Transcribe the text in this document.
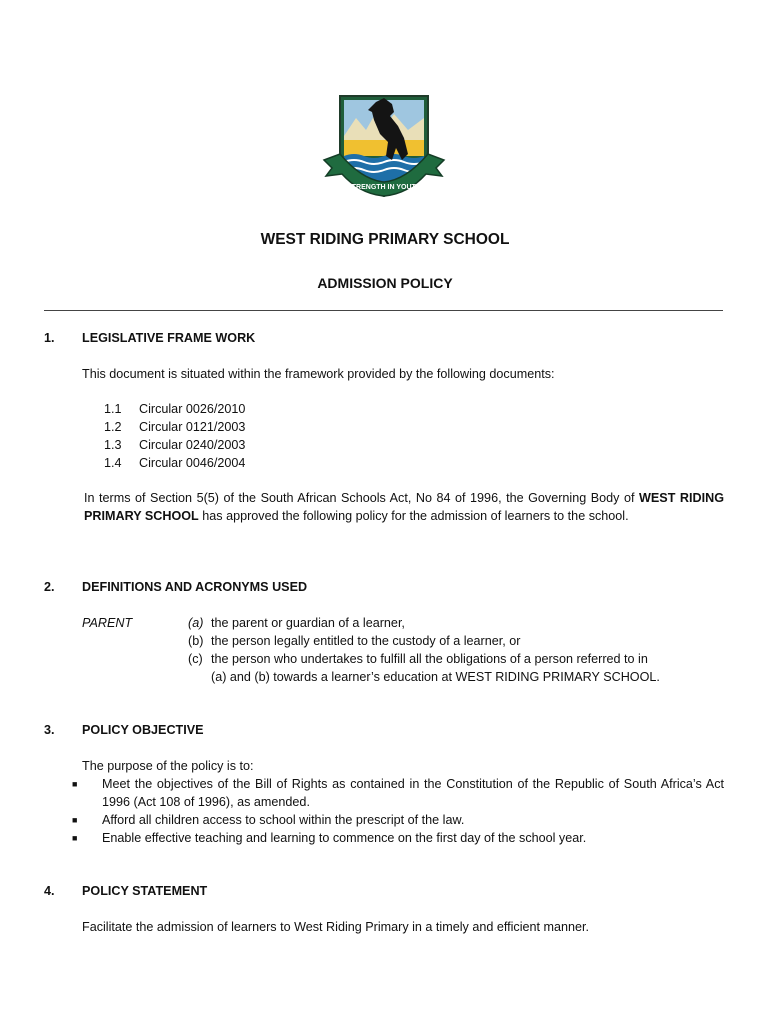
STRENGTH IN YOUTH
WEST RIDING PRIMARY SCHOOL
ADMISSION POLICY
1. LEGISLATIVE FRAME WORK
This document is situated within the framework provided by the following documents:
1.1 Circular 0026/2010
1.2 Circular 0121/2003
1.3 Circular 0240/2003
1.4 Circular 0046/2004
In terms of Section 5(5) of the South African Schools Act, No 84 of 1996, the Governing Body of WEST RIDING PRIMARY SCHOOL has approved the following policy for the admission of learners to the school.
2. DEFINITIONS AND ACRONYMS USED
PARENT	(a) the parent or guardian of a learner,
(b) the person legally entitled to the custody of a learner, or
(c) the person who undertakes to fulfill all the obligations of a person referred to in
(a) and (b) towards a learner’s education at WEST RIDING PRIMARY SCHOOL.
3. POLICY OBJECTIVE
The purpose of the policy is to:
■ Meet the objectives of the Bill of Rights as contained in the Constitution of the Republic of South Africa’s Act 1996 (Act 108 of 1996), as amended.
■ Afford all children access to school within the prescript of the law.
■ Enable effective teaching and learning to commence on the first day of the school year.
4. POLICY STATEMENT
Facilitate the admission of learners to West Riding Primary in a timely and efficient manner.
